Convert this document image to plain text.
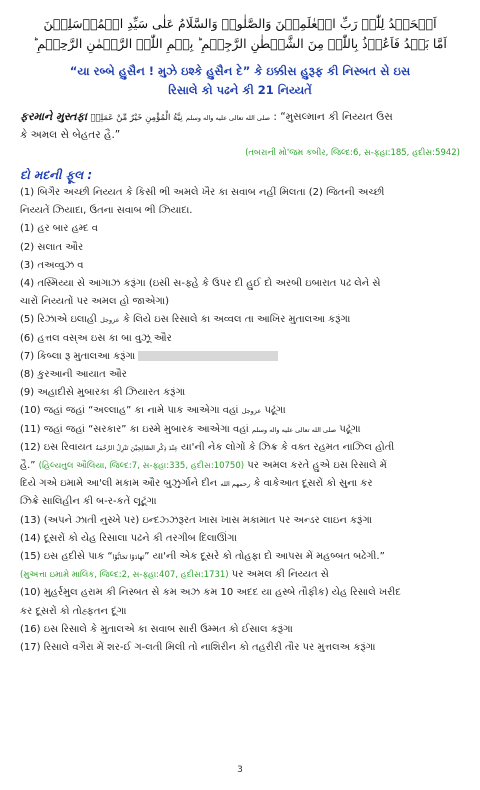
اَلۡحَمۡدُ لِلّٰہِ رَبِّ الۡعٰلَمِیۡنَ وَالصَّلٰوۃُ وَالسَّلَامُ عَلٰی سَیِّدِ الۡمُرۡسَلِیۡنَ
اَمَّا بَعۡدُ فَاَعُوۡذُ بِاللّٰہِ مِنَ الشَّیۡطٰنِ الرَّجِیۡمِ ؕ بِسۡمِ اللّٰہِ الرَّحۡمٰنِ الرَّحِیۡمِ ؕ
“યા રબ્બે હુસૈન ! મુઝે ઇશ્કે હુસૈન દે” કે ઇક્કીસ હુરૂફ કી નિસ્બત સે ઇસ
રિસાલે કો પઢને કી 21 નિય્યતેં
ફરમાને મુસ્તફા	صلى الله تعالى عليه واله وسلم نِيَّةُ الْمُؤْمِنِ خَيْرٌ مِّنْ عَمَلِهٖ	: “મુસલ્માન કી નિય્યત ઉસ
કે અમલ સે બેહતર હૈ.”
(તબરાની મો'જમ કબીર, જિલ્દ:6, સ-ફ્હા:185, હદીસ:5942)
દો મદની ફૂલ :
(1) બિગૈર અચ્છી નિય્યત કે કિસી ભી અમલે ખૈર કા સવાબ નહીં મિલતા (2) જિતની અચ્છી
નિય્યતેં ઝિયાદા, ઉતના સવાબ ભી ઝિયાદા.
(1) હર બાર હમ્દ વ
(2) સલાત ઔર
(3) તઅવ્વુઝ વ
(4) તસ્મિય્યા સે આગાઝ કરૂંગા (ઇસી સ-ફ્હે કે ઉપર દી હુઈ દો અરબી ઇબારાત પઢ લેને સે
ચારોં નિય્યતોં પર અમલ હો જાએગા)
(5) રિઝાએ ઇલાહી عزوجل કે લિયે ઇસ રિસાલે કા અવ્વલ તા આખિર મુતાલઆ કરૂંગા
(6) હત્તલ વસ્અ ઇસ કા બા વુઝૂ ઔર
(7) કિબ્લા રૂ મુતાલઆ કરૂંગા
(8) કુરઆની આયાત ઔર
(9) અહાદીસે મુબારકા કી ઝિયારત કરૂંગા
(10) જહાં જહાં “અલ્લાહ” કા નામે પાક આએગા વહાં عزوجل પઢૂંગા
(11) જહાં જહાં “સરકાર” કા ઇસ્મે મુબારક આએગા વહાં صلى الله تعالى عليه واله وسلم પઢૂંગા
(12) ઇસ રિવાયત عِنْدَ ذِكْرِ الصَّالِحِيْنَ تَنْزِلُ الرَّحْمَةُ યા'ની નેક લોગોં કે ઝિક્ર કે વક્ત રહમત નાઝિલ હોતી
હૈ.” (હિલ્યતુલ ઔલિયા, જિલ્દ:7, સ-ફ્હા:335, હદીસ:10750) પર અમલ કરતે હુએ ઇસ રિસાલે મેં
દિયે ગએ ઇમામે આ'લી મકામ ઔર બુઝુર્ગાને દીન رحمهم الله કે વાકેઆત દૂસરોં કો સુના કર
ઝિક્રે સાલિહીન કી બ-ર-કતેં લૂટૂંગા
(13) (અપને ઝાતી નુસ્ખે પર) ઇન્દઝ્ઝરૂરત ખાસ ખાસ મકામાત પર અન્ડર લાઇન કરૂંગા
(14) દૂસરોં કો યેહ રિસાલા પઢને કી તરગીબ દિલાઊંગા
(15) ઇસ હદીસે પાક “تَهَادَوْا تَحَابُّوْا” યા'ની એક દૂસરે કો તોહફા દો આપસ મેં મહબ્બત બઢેગી.”
(મુઅત્તા ઇમામે માલિક, જિલ્દ:2, સ-ફ્હા:407, હદીસ:1731) પર અમલ કી નિય્યત સે
(10) મુહર્રમુલ હરામ કી નિસ્બત સે કમ અઝ કમ 10 અદદ યા હસ્બે તૌફીક) યેહ રિસાલે ખરીદ
કર દૂસરોં કો તોહ્ફતન દૂંગા
(16) ઇસ રિસાલે કે મુતાલએ કા સવાબ સારી ઉમ્મત કો ઈસાલ કરૂંગા
(17) રિસાલે વગૈરા મેં શર-ઈ ગ-લતી મિલી તો નાશિરીન કો તહરીરી તૌર પર મુત્તલઅ કરૂંગા
3
